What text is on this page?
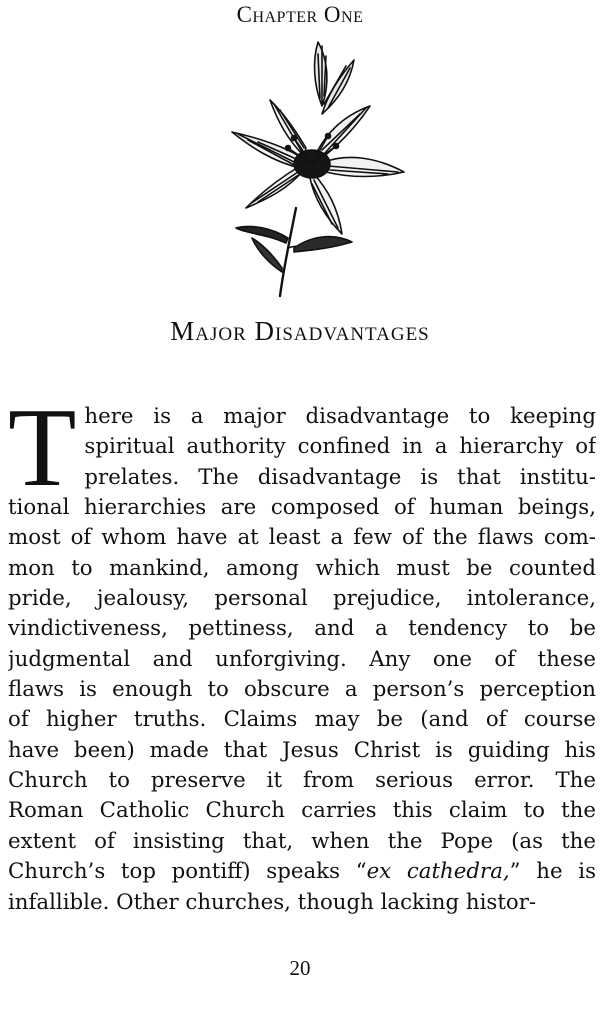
Chapter One
Major Disadvantages
T here is a major disadvantage to keeping
spiritual authority confined in a hierarchy of
prelates. The disadvantage is that institu-
tional hierarchies are composed of human beings,
most of whom have at least a few of the flaws com-
mon to mankind, among which must be counted
pride, jealousy, personal prejudice, intolerance,
vindictiveness, pettiness, and a tendency to be
judgmental and unforgiving. Any one of these
flaws is enough to obscure a person’s perception
of higher truths. Claims may be (and of course
have been) made that Jesus Christ is guiding his
Church to preserve it from serious error. The
Roman Catholic Church carries this claim to the
extent of insisting that, when the Pope (as the
Church’s top pontiff) speaks “ex cathedra,” he is
infallible. Other churches, though lacking histor-
20
